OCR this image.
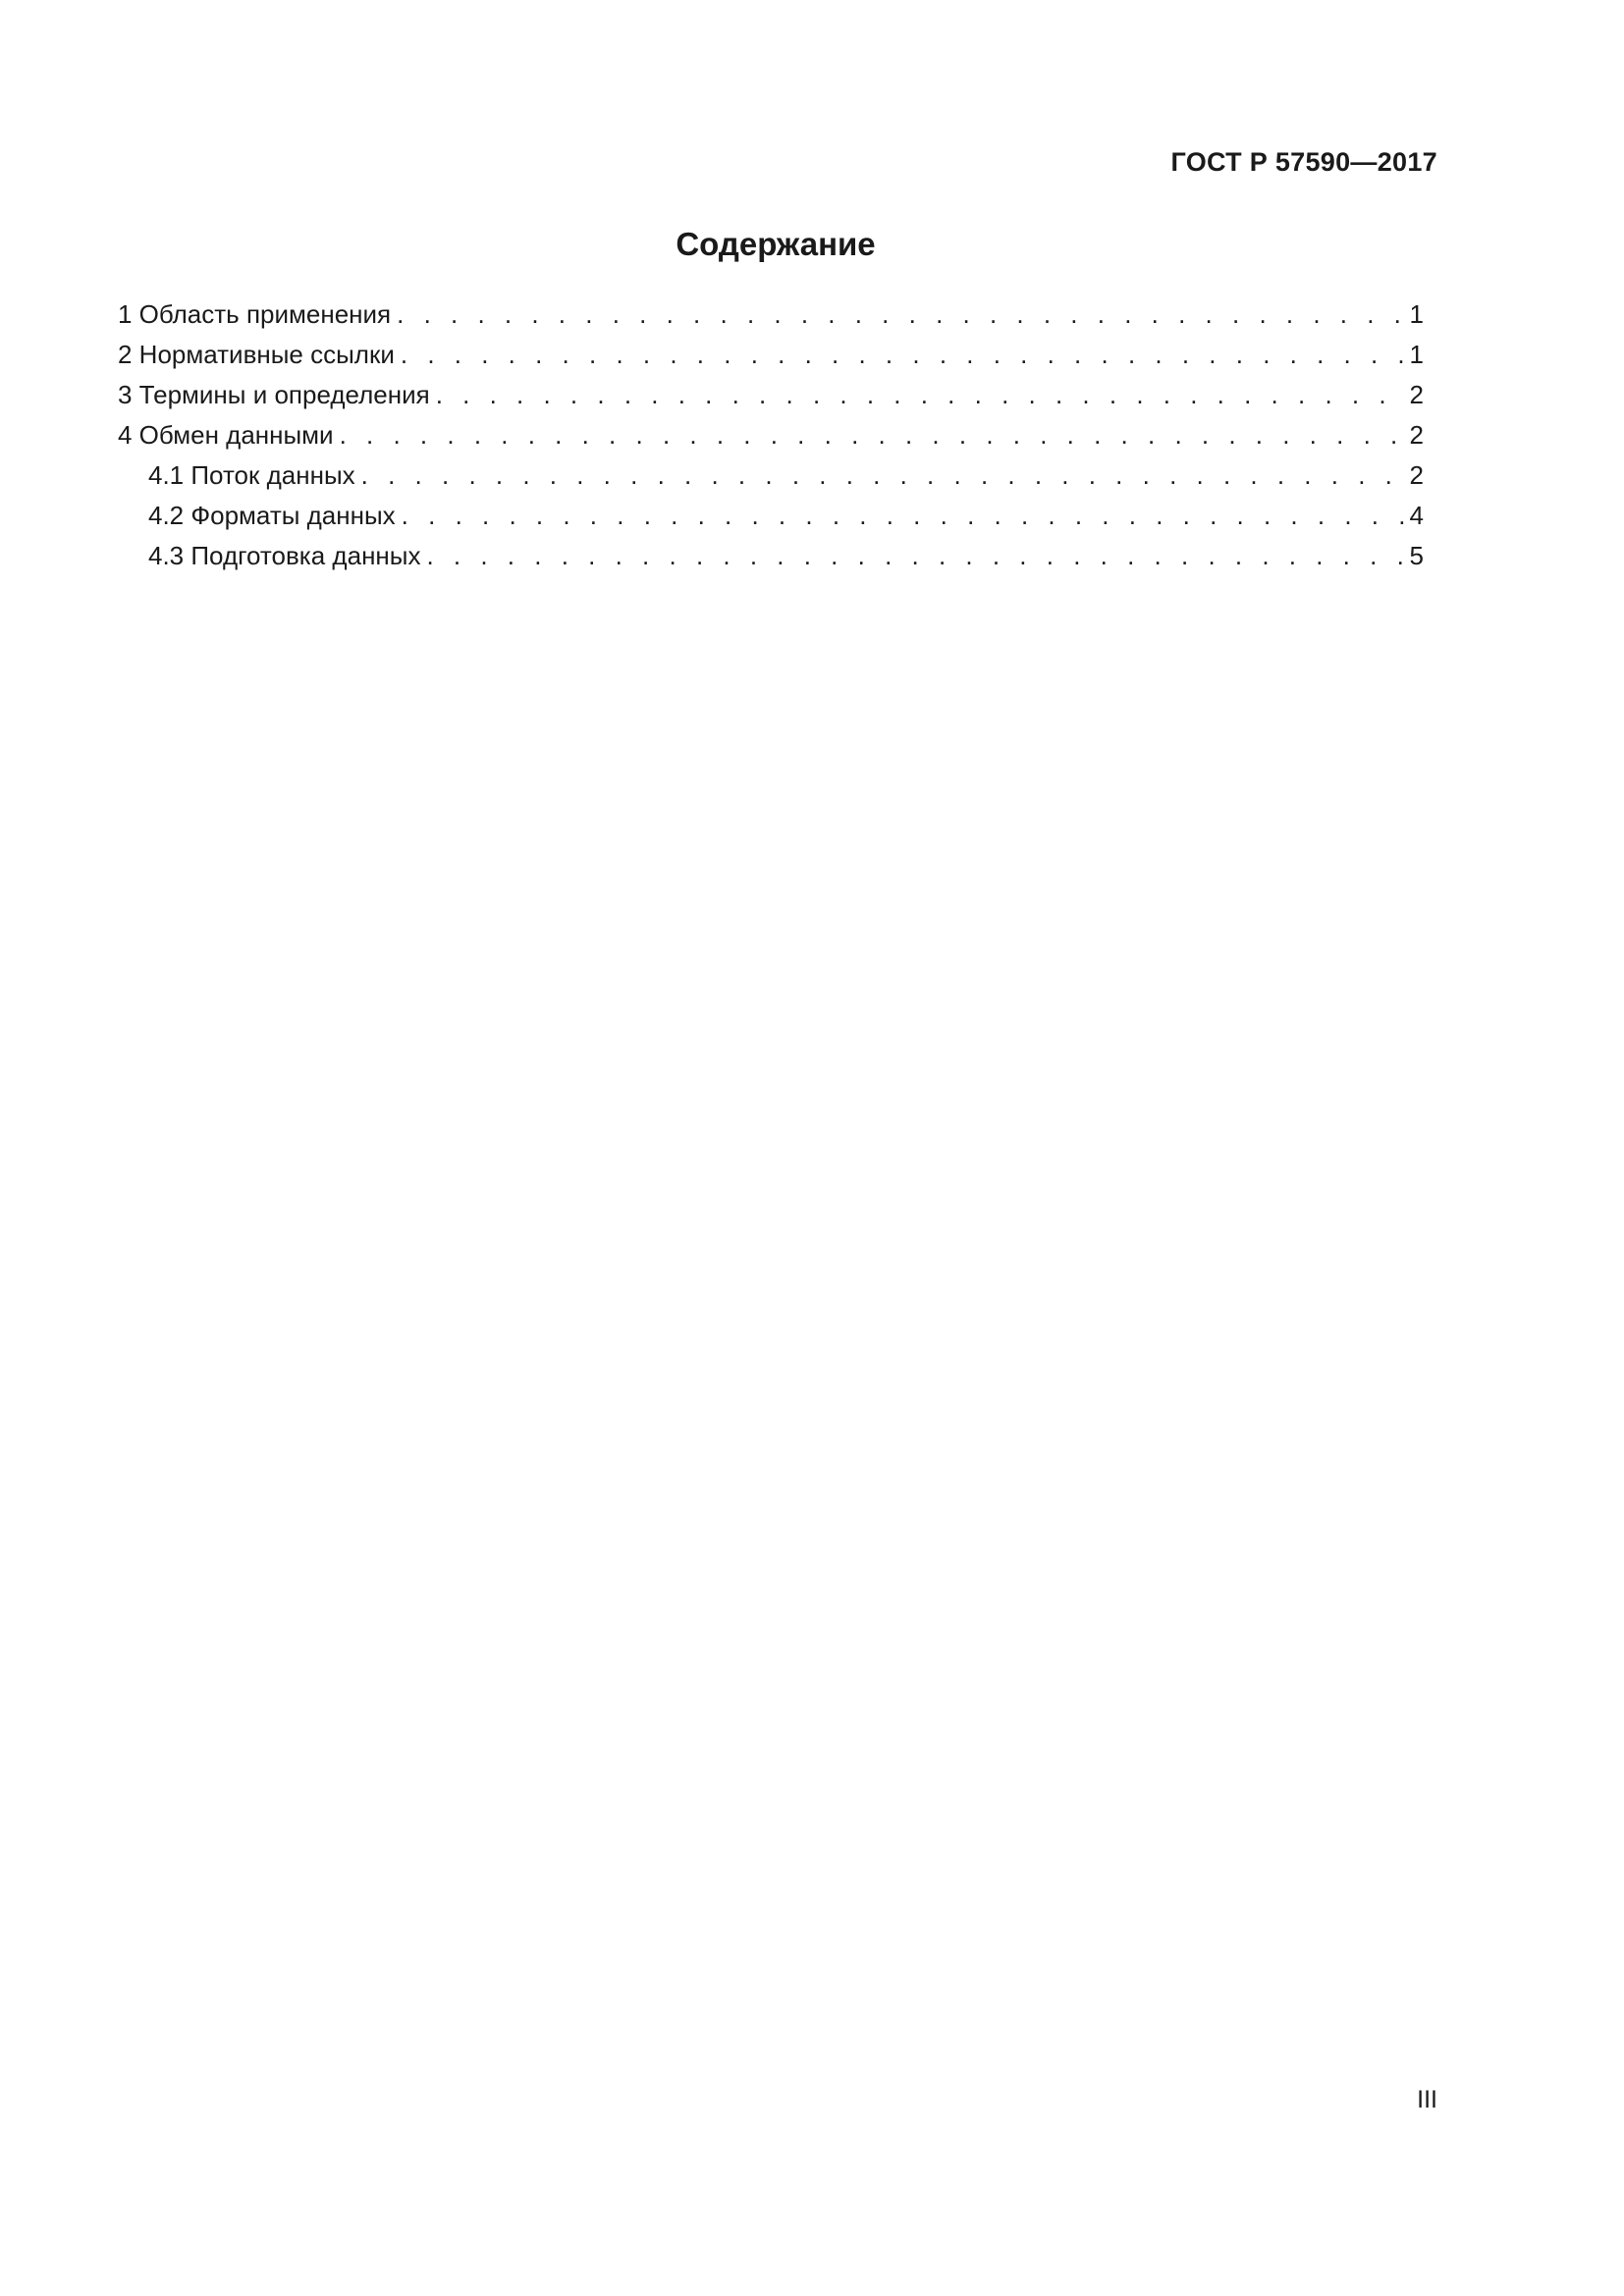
ГОСТ Р 57590—2017
Содержание
1 Область применения . . .	1
2 Нормативные ссылки . . .	1
3 Термины и определения . . .	2
4 Обмен данными . . .	2
4.1 Поток данных . . .	2
4.2 Форматы данных . . .	4
4.3 Подготовка данных . . .	5
III
